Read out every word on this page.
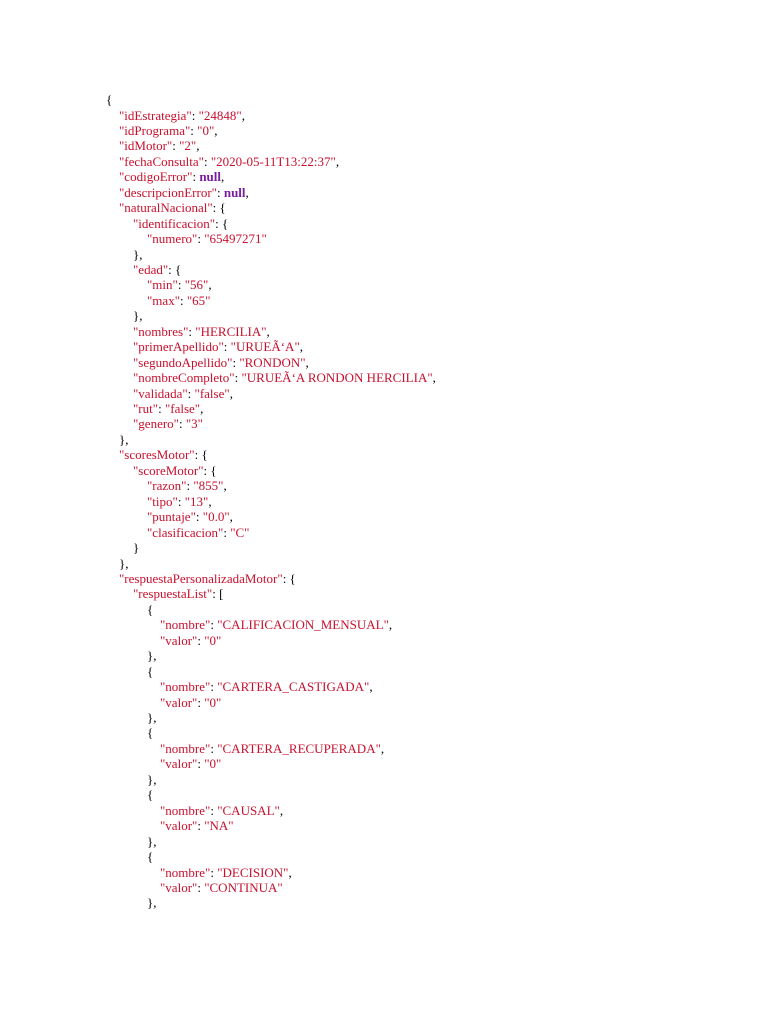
{
"idEstrategia": "24848",
"idPrograma": "0",
"idMotor": "2",
"fechaConsulta": "2020-05-11T13:22:37",
"codigoError": null,
"descripcionError": null,
"naturalNacional": {
"identificacion": {
"numero": "65497271"
},
"edad": {
"min": "56",
"max": "65"
},
"nombres": "HERCILIA",
"primerApellido": "URUEÃ‘A",
"segundoApellido": "RONDON",
"nombreCompleto": "URUEÃ‘A RONDON HERCILIA",
"validada": "false",
"rut": "false",
"genero": "3"
},
"scoresMotor": {
"scoreMotor": {
"razon": "855",
"tipo": "13",
"puntaje": "0.0",
"clasificacion": "C"
}
},
"respuestaPersonalizadaMotor": {
"respuestaList": [
{
"nombre": "CALIFICACION_MENSUAL",
"valor": "0"
},
{
"nombre": "CARTERA_CASTIGADA",
"valor": "0"
},
{
"nombre": "CARTERA_RECUPERADA",
"valor": "0"
},
{
"nombre": "CAUSAL",
"valor": "NA"
},
{
"nombre": "DECISION",
"valor": "CONTINUA"
},
